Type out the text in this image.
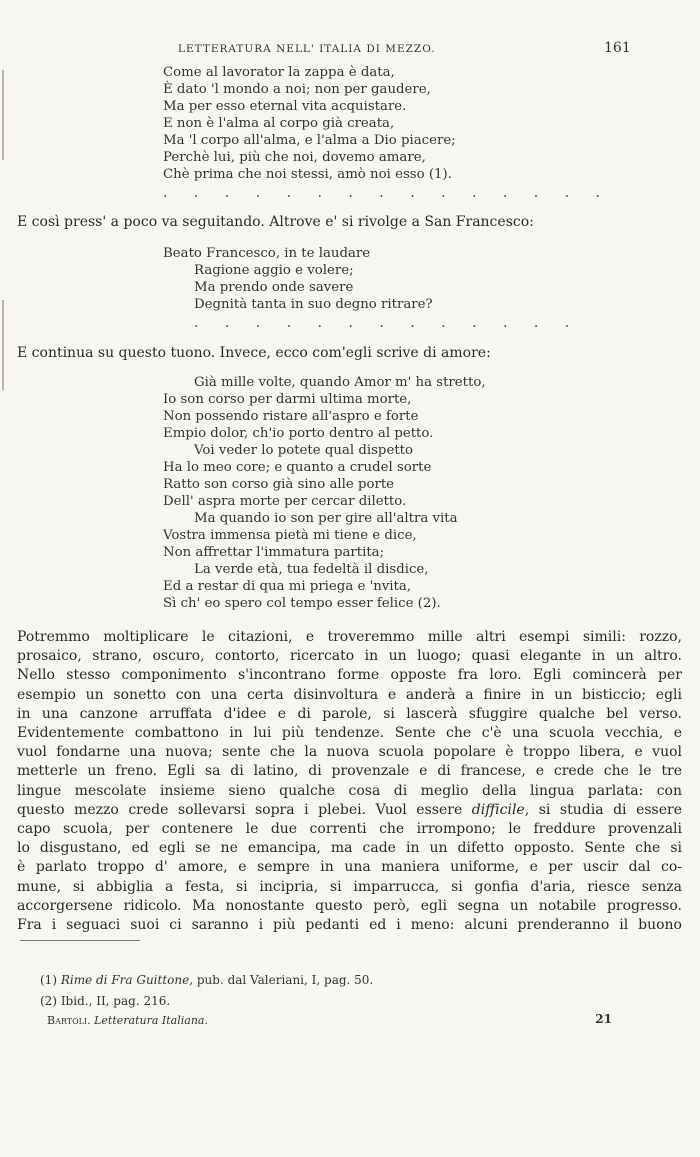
LETTERATURA NELL' ITALIA DI MEZZO.	161
Come al lavorator la zappa è data,
È dato 'l mondo a noi; non per gaudere,
Ma per esso eternal vita acquistare.
E non è l'alma al corpo già creata,
Ma 'l corpo all'alma, e l'alma a Dio piacere;
Perchè lui, più che noi, dovemo amare,
Chè prima che noi stessi, amò noi esso (1).
. . . . . . . . . . . . . . .
E così press' a poco va seguitando. Altrove e' si rivolge a San Francesco:
Beato Francesco, in te laudare
Ragione aggio e volere;
Ma prendo onde savere
Degnità tanta in suo degno ritrare?
. . . . . . . . . . . . .
E continua su questo tuono. Invece, ecco com'egli scrive di amore:
Già mille volte, quando Amor m' ha stretto,
Io son corso per darmi ultima morte,
Non possendo ristare all'aspro e forte
Empio dolor, ch'io porto dentro al petto.
Voi veder lo potete qual dispetto
Ha lo meo core; e quanto a crudel sorte
Ratto son corso già sino alle porte
Dell' aspra morte per cercar diletto.
Ma quando io son per gire all'altra vita
Vostra immensa pietà mi tiene e dice,
Non affrettar l'immatura partita;
La verde età, tua fedeltà il disdice,
Ed a restar di qua mi priega e 'nvita,
Sì ch' eo spero col tempo esser felice (2).
Potremmo moltiplicare le citazioni, e troveremmo mille altri esempi simili: rozzo,
prosaico, strano, oscuro, contorto, ricercato in un luogo; quasi elegante in un altro.
Nello stesso componimento s'incontrano forme opposte fra loro. Egli comincerà per
esempio un sonetto con una certa disinvoltura e anderà a finire in un bisticcio; egli
in una canzone arruffata d'idee e di parole, si lascerà sfuggire qualche bel verso.
Evidentemente combattono in lui più tendenze. Sente che c'è una scuola vecchia, e
vuol fondarne una nuova; sente che la nuova scuola popolare è troppo libera, e vuol
metterle un freno. Egli sa di latino, di provenzale e di francese, e crede che le tre
lingue mescolate insieme sieno qualche cosa di meglio della lingua parlata: con
questo mezzo crede sollevarsi sopra i plebei. Vuol essere difficile, si studia di essere
capo scuola, per contenere le due correnti che irrompono; le freddure provenzali
lo disgustano, ed egli se ne emancipa, ma cade in un difetto opposto. Sente che si
è parlato troppo d' amore, e sempre in una maniera uniforme, e per uscir dal co-
mune, si abbiglia a festa, si incipria, si imparrucca, si gonfia d'aria, riesce senza
accorgersene ridicolo. Ma nonostante questo però, egli segna un notabile progresso.
Fra i seguaci suoi ci saranno i più pedanti ed i meno: alcuni prenderanno il buono
(1) Rime di Fra Guittone, pub. dal Valeriani, I, pag. 50.
(2) Ibid., II, pag. 216.
Bartoli. Letteratura Italiana.	21
